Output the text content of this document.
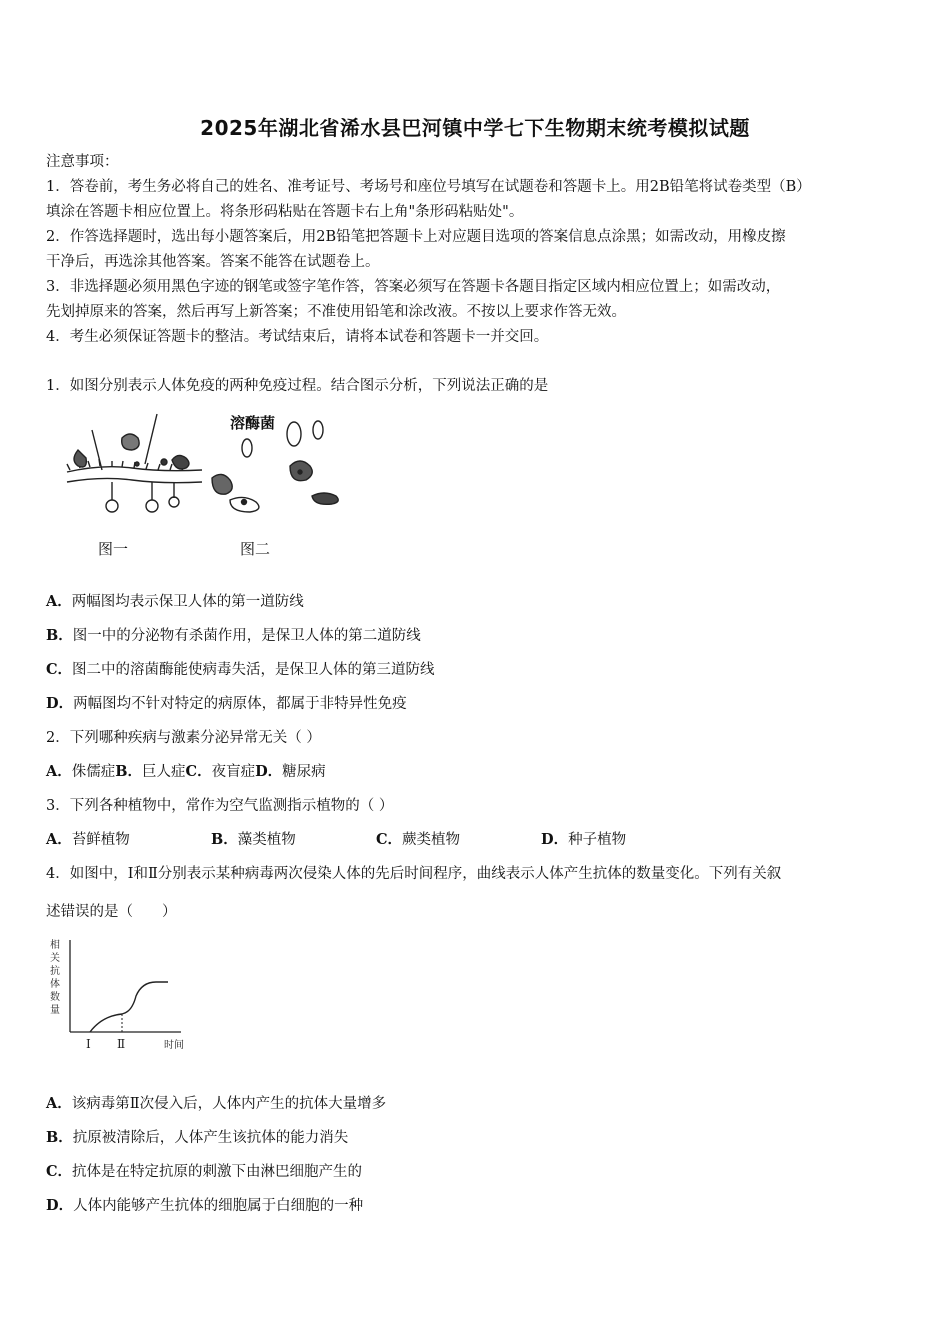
2025年湖北省浠水县巴河镇中学七下生物期末统考模拟试题
注意事项：
1．答卷前，考生务必将自己的姓名、准考证号、考场号和座位号填写在试题卷和答题卡上。用2B铅笔将试卷类型（B）
填涂在答题卡相应位置上。将条形码粘贴在答题卡右上角"条形码粘贴处"。
2．作答选择题时，选出每小题答案后，用2B铅笔把答题卡上对应题目选项的答案信息点涂黑；如需改动，用橡皮擦
干净后，再选涂其他答案。答案不能答在试题卷上。
3．非选择题必须用黑色字迹的钢笔或签字笔作答，答案必须写在答题卡各题目指定区域内相应位置上；如需改动，
先划掉原来的答案，然后再写上新答案；不准使用铅笔和涂改液。不按以上要求作答无效。
4．考生必须保证答题卡的整洁。考试结束后，请将本试卷和答题卡一并交回。
1．如图分别表示人体免疫的两种免疫过程。结合图示分析，下列说法正确的是
溶酶菌
图一	图二
A．两幅图均表示保卫人体的第一道防线
B．图一中的分泌物有杀菌作用，是保卫人体的第二道防线
C．图二中的溶菌酶能使病毒失活，是保卫人体的第三道防线
D．两幅图均不针对特定的病原体，都属于非特异性免疫
2．下列哪种疾病与激素分泌异常无关（ ）
A．侏儒症B．巨人症C．夜盲症D．糖尿病
3．下列各种植物中，常作为空气监测指示植物的（ ）
A．苔鲜植物	B．藻类植物	C．蕨类植物	D．种子植物
4．如图中，Ⅰ和Ⅱ分别表示某种病毒两次侵染人体的先后时间程序，曲线表示人体产生抗体的数量变化。下列有关叙
述错误的是（　　）
相
关
抗
体
数
量
Ⅰ Ⅱ	时间
A．该病毒第Ⅱ次侵入后，人体内产生的抗体大量增多
B．抗原被清除后，人体产生该抗体的能力消失
C．抗体是在特定抗原的刺激下由淋巴细胞产生的
D．人体内能够产生抗体的细胞属于白细胞的一种
